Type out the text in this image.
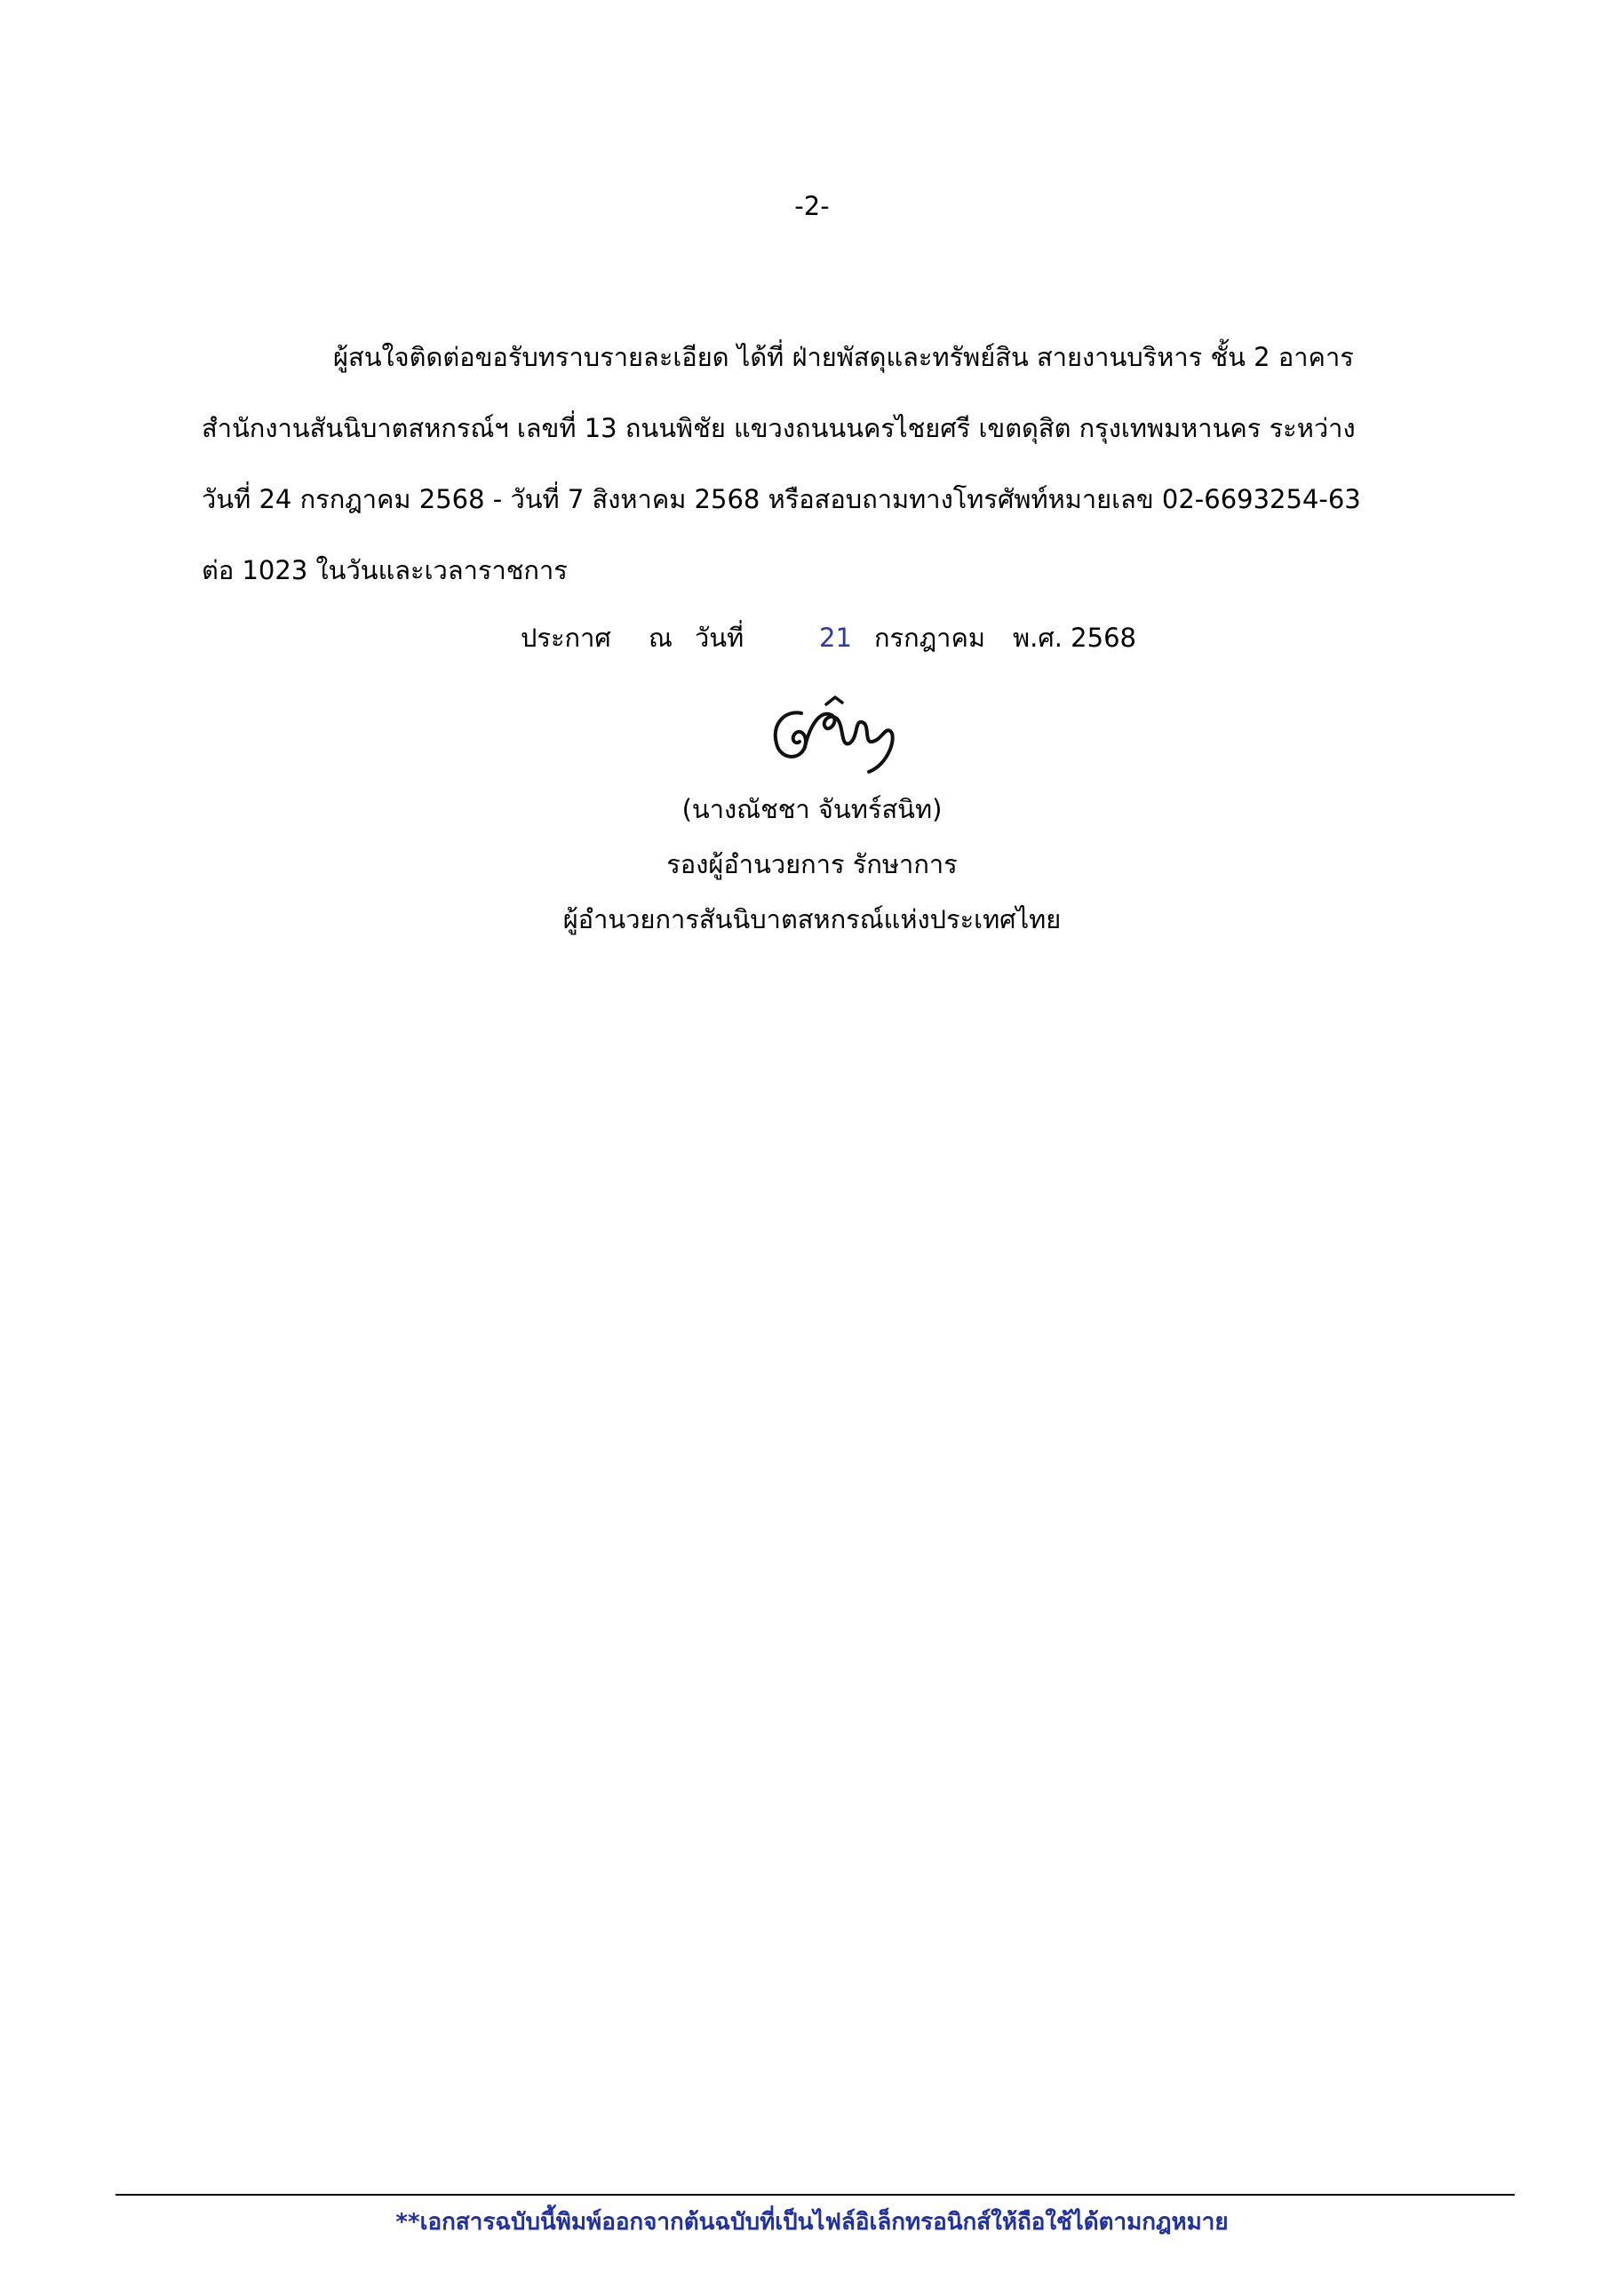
-2-
ผู้สนใจติดต่อขอรับทราบรายละเอียด ได้ที่ ฝ่ายพัสดุและทรัพย์สิน สายงานบริหาร ชั้น 2 อาคาร
สำนักงานสันนิบาตสหกรณ์ฯ เลขที่ 13 ถนนพิชัย แขวงถนนนครไชยศรี เขตดุสิต กรุงเทพมหานคร ระหว่าง
วันที่ 24 กรกฎาคม 2568 - วันที่ 7 สิงหาคม 2568 หรือสอบถามทางโทรศัพท์หมายเลข 02-6693254-63
ต่อ 1023 ในวันและเวลาราชการ
ประกาศ ณ วันที่	21 กรกฎาคม พ.ศ. 2568
(นางณัชชา จันทร์สนิท)
รองผู้อำนวยการ รักษาการ
ผู้อำนวยการสันนิบาตสหกรณ์แห่งประเทศไทย
**เอกสารฉบับนี้พิมพ์ออกจากต้นฉบับที่เป็นไฟล์อิเล็กทรอนิกส์ให้ถือใช้ได้ตามกฎหมาย
